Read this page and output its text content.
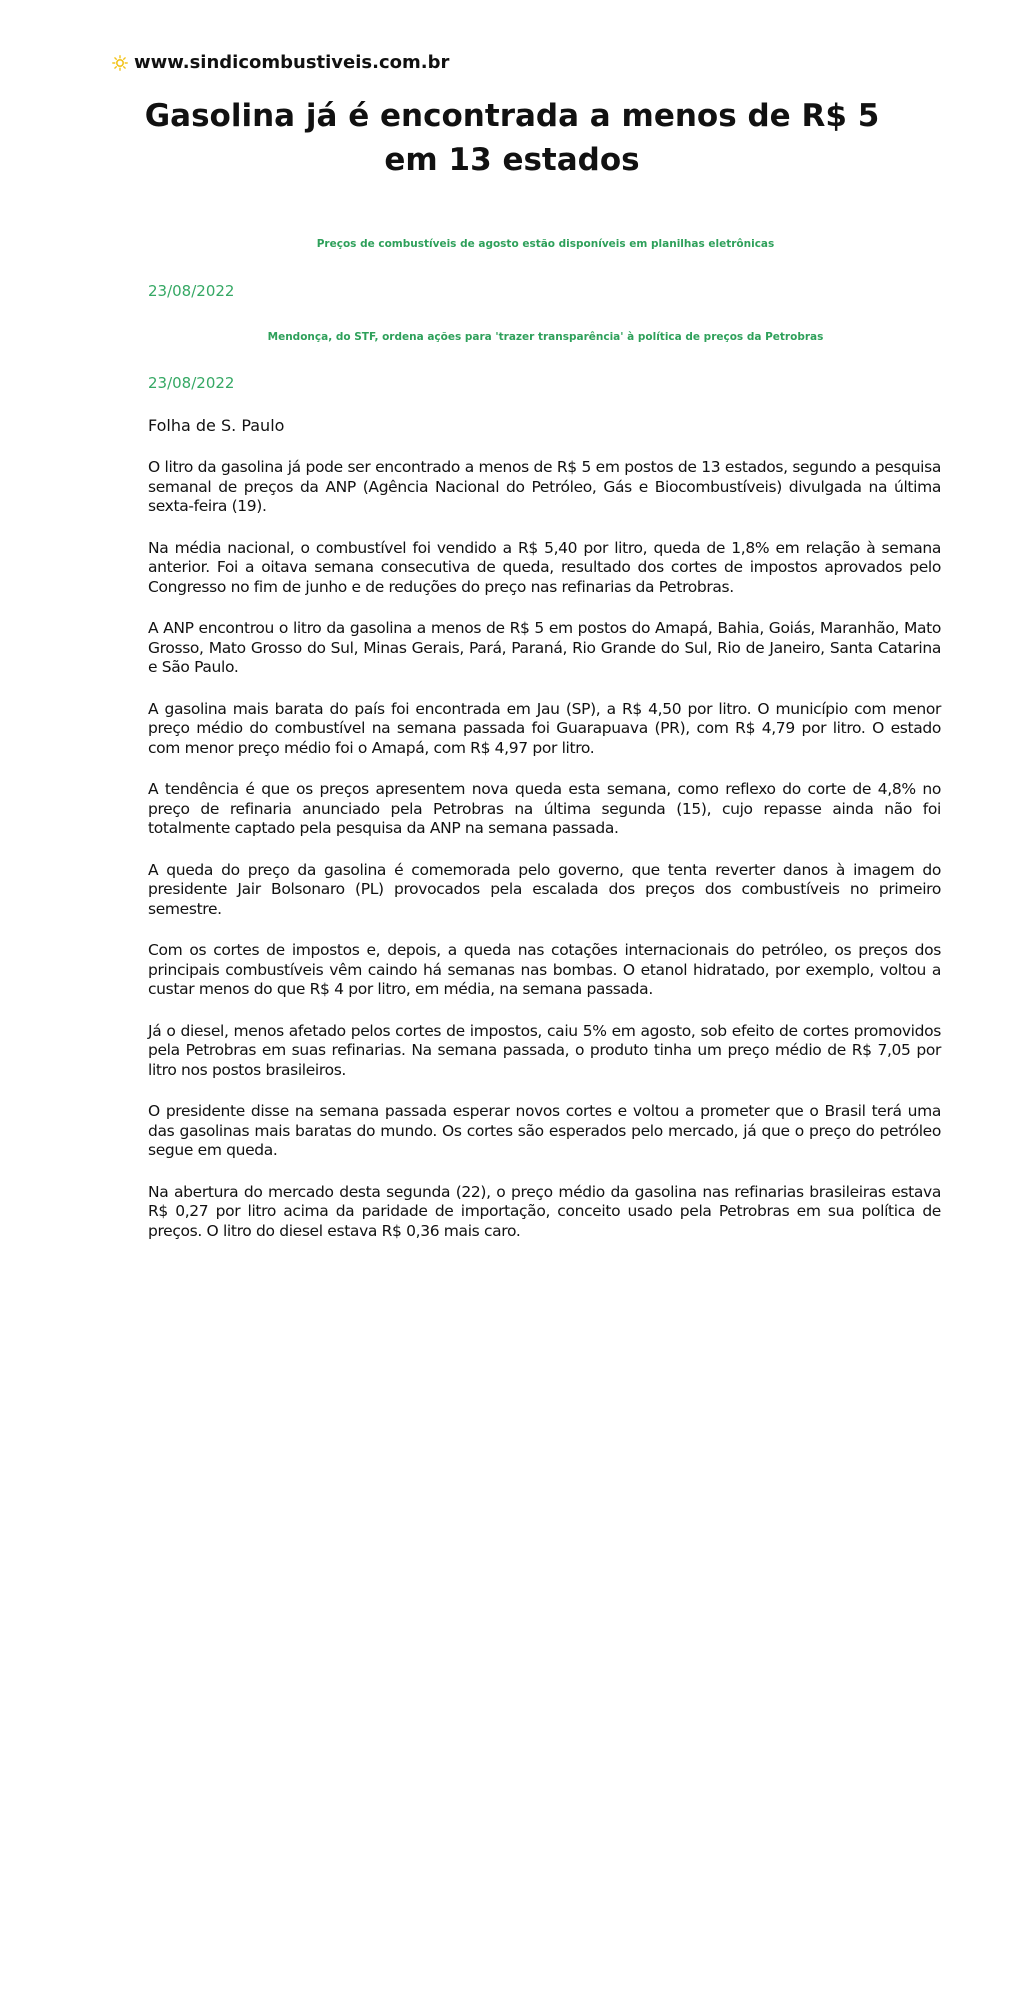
www.sindicombustiveis.com.br
Gasolina já é encontrada a menos de R$ 5 em 13 estados
Preços de combustíveis de agosto estão disponíveis em planilhas eletrônicas
23/08/2022
Mendonça, do STF, ordena ações para 'trazer transparência' à política de preços da Petrobras
23/08/2022
Folha de S. Paulo

O litro da gasolina já pode ser encontrado a menos de R$ 5 em postos de 13 estados, segundo a pesquisa semanal de preços da ANP (Agência Nacional do Petróleo, Gás e Biocombustíveis) divulgada na última sexta-feira (19).

Na média nacional, o combustível foi vendido a R$ 5,40 por litro, queda de 1,8% em relação à semana anterior. Foi a oitava semana consecutiva de queda, resultado dos cortes de impostos aprovados pelo Congresso no fim de junho e de reduções do preço nas refinarias da Petrobras.

A ANP encontrou o litro da gasolina a menos de R$ 5 em postos do Amapá, Bahia, Goiás, Maranhão, Mato Grosso, Mato Grosso do Sul, Minas Gerais, Pará, Paraná, Rio Grande do Sul, Rio de Janeiro, Santa Catarina e São Paulo.

A gasolina mais barata do país foi encontrada em Jau (SP), a R$ 4,50 por litro. O município com menor preço médio do combustível na semana passada foi Guarapuava (PR), com R$ 4,79 por litro. O estado com menor preço médio foi o Amapá, com R$ 4,97 por litro.

A tendência é que os preços apresentem nova queda esta semana, como reflexo do corte de 4,8% no preço de refinaria anunciado pela Petrobras na última segunda (15), cujo repasse ainda não foi totalmente captado pela pesquisa da ANP na semana passada.

A queda do preço da gasolina é comemorada pelo governo, que tenta reverter danos à imagem do presidente Jair Bolsonaro (PL) provocados pela escalada dos preços dos combustíveis no primeiro semestre.

Com os cortes de impostos e, depois, a queda nas cotações internacionais do petróleo, os preços dos principais combustíveis vêm caindo há semanas nas bombas. O etanol hidratado, por exemplo, voltou a custar menos do que R$ 4 por litro, em média, na semana passada.

Já o diesel, menos afetado pelos cortes de impostos, caiu 5% em agosto, sob efeito de cortes promovidos pela Petrobras em suas refinarias. Na semana passada, o produto tinha um preço médio de R$ 7,05 por litro nos postos brasileiros.

O presidente disse na semana passada esperar novos cortes e voltou a prometer que o Brasil terá uma das gasolinas mais baratas do mundo. Os cortes são esperados pelo mercado, já que o preço do petróleo segue em queda.

Na abertura do mercado desta segunda (22), o preço médio da gasolina nas refinarias brasileiras estava R$ 0,27 por litro acima da paridade de importação, conceito usado pela Petrobras em sua política de preços. O litro do diesel estava R$ 0,36 mais caro.
